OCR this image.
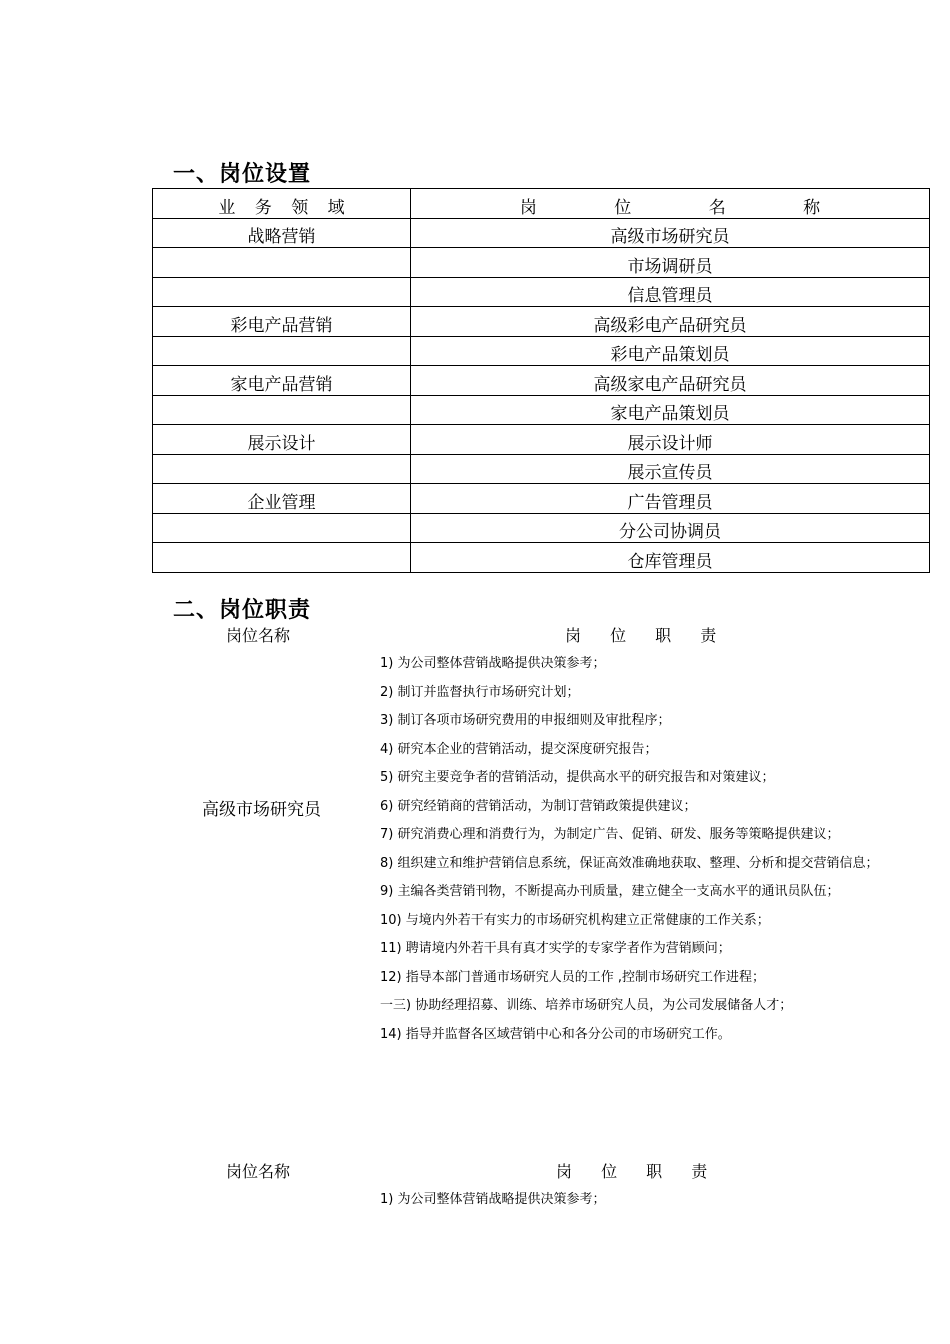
一、岗位设置
业 务 领 域	岗 位 名 称
战略营销	高级市场研究员
	市场调研员
	信息管理员
彩电产品营销	高级彩电产品研究员
	彩电产品策划员
家电产品营销	高级家电产品研究员
	家电产品策划员
展示设计	展示设计师
	展示宣传员
企业管理	广告管理员
	分公司协调员
	仓库管理员
二、岗位职责
岗位名称	岗 位 职 责
高级市场研究员
1) 为公司整体营销战略提供决策参考；
2) 制订并监督执行市场研究计划；
3) 制订各项市场研究费用的申报细则及审批程序；
4) 研究本企业的营销活动，提交深度研究报告；
5) 研究主要竞争者的营销活动，提供高水平的研究报告和对策建议；
6) 研究经销商的营销活动，为制订营销政策提供建议；
7) 研究消费心理和消费行为，为制定广告、促销、研发、服务等策略提供建议；
8) 组织建立和维护营销信息系统，保证高效准确地获取、整理、分析和提交营销信息；
9) 主编各类营销刊物，不断提高办刊质量，建立健全一支高水平的通讯员队伍；
10) 与境内外若干有实力的市场研究机构建立正常健康的工作关系；
11) 聘请境内外若干具有真才实学的专家学者作为营销顾问；
12) 指导本部门普通市场研究人员的工作 ,控制市场研究工作进程；
一三) 协助经理招募、训练、培养市场研究人员，为公司发展储备人才；
14) 指导并监督各区域营销中心和各分公司的市场研究工作。
岗位名称	岗 位 职 责
1) 为公司整体营销战略提供决策参考；
